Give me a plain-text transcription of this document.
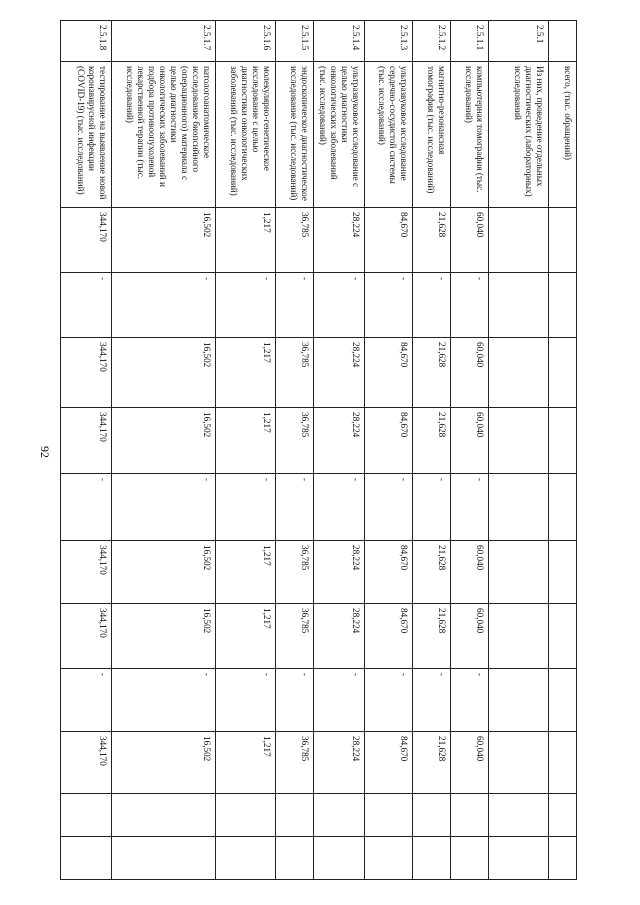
92
	всего, (тыс. обращений)											
2.5.1	Из них, проведение отдельных диагностических (лабораторных) исследований											
2.5.1.1	компьютерная томография (тыс. исследований)	60,040	-	60,040	60,040	-	60,040	60,040	-	60,040		
2.5.1.2	магнитно-резонансная томография (тыс. исследований)	21,628	-	21,628	21,628	-	21,628	21,628	-	21,628		
2.5.1.3	ультразвуковое исследование сердечно-сосудистой системы (тыс. исследований)	84,670	-	84,670	84,670	-	84,670	84,670	-	84,670		
2.5.1.4	ультразвуковое исследование с целью диагностики онкологических заболеваний (тыс. исследований)	28,224	-	28,224	28,224	-	28,224	28,224	-	28,224		
2.5.1.5	эндоскопическое диагностическое исследование (тыс. исследований)	36,785	-	36,785	36,785	-	36,785	36,785	-	36,785		
2.5.1.6	молекулярно-генетическое исследование с целью диагностики онкологических заболеваний (тыс. исследований)	1,217	-	1,217	1,217	-	1,217	1,217	-	1,217		
2.5.1.7	патологоанатомическое исследование биопсийного (операционного) материала с целью диагностики онкологических заболеваний и подбора противоопухолевой лекарственной терапии (тыс. исследований)	16,502	-	16,502	16,502	-	16,502	16,502	-	16,502		
2.5.1.8	тестирование на выявление новой коронавирусной инфекции (COVID-19) (тыс. исследований)	344,170	-	344,170	344,170	-	344,170	344,170	-	344,170		
